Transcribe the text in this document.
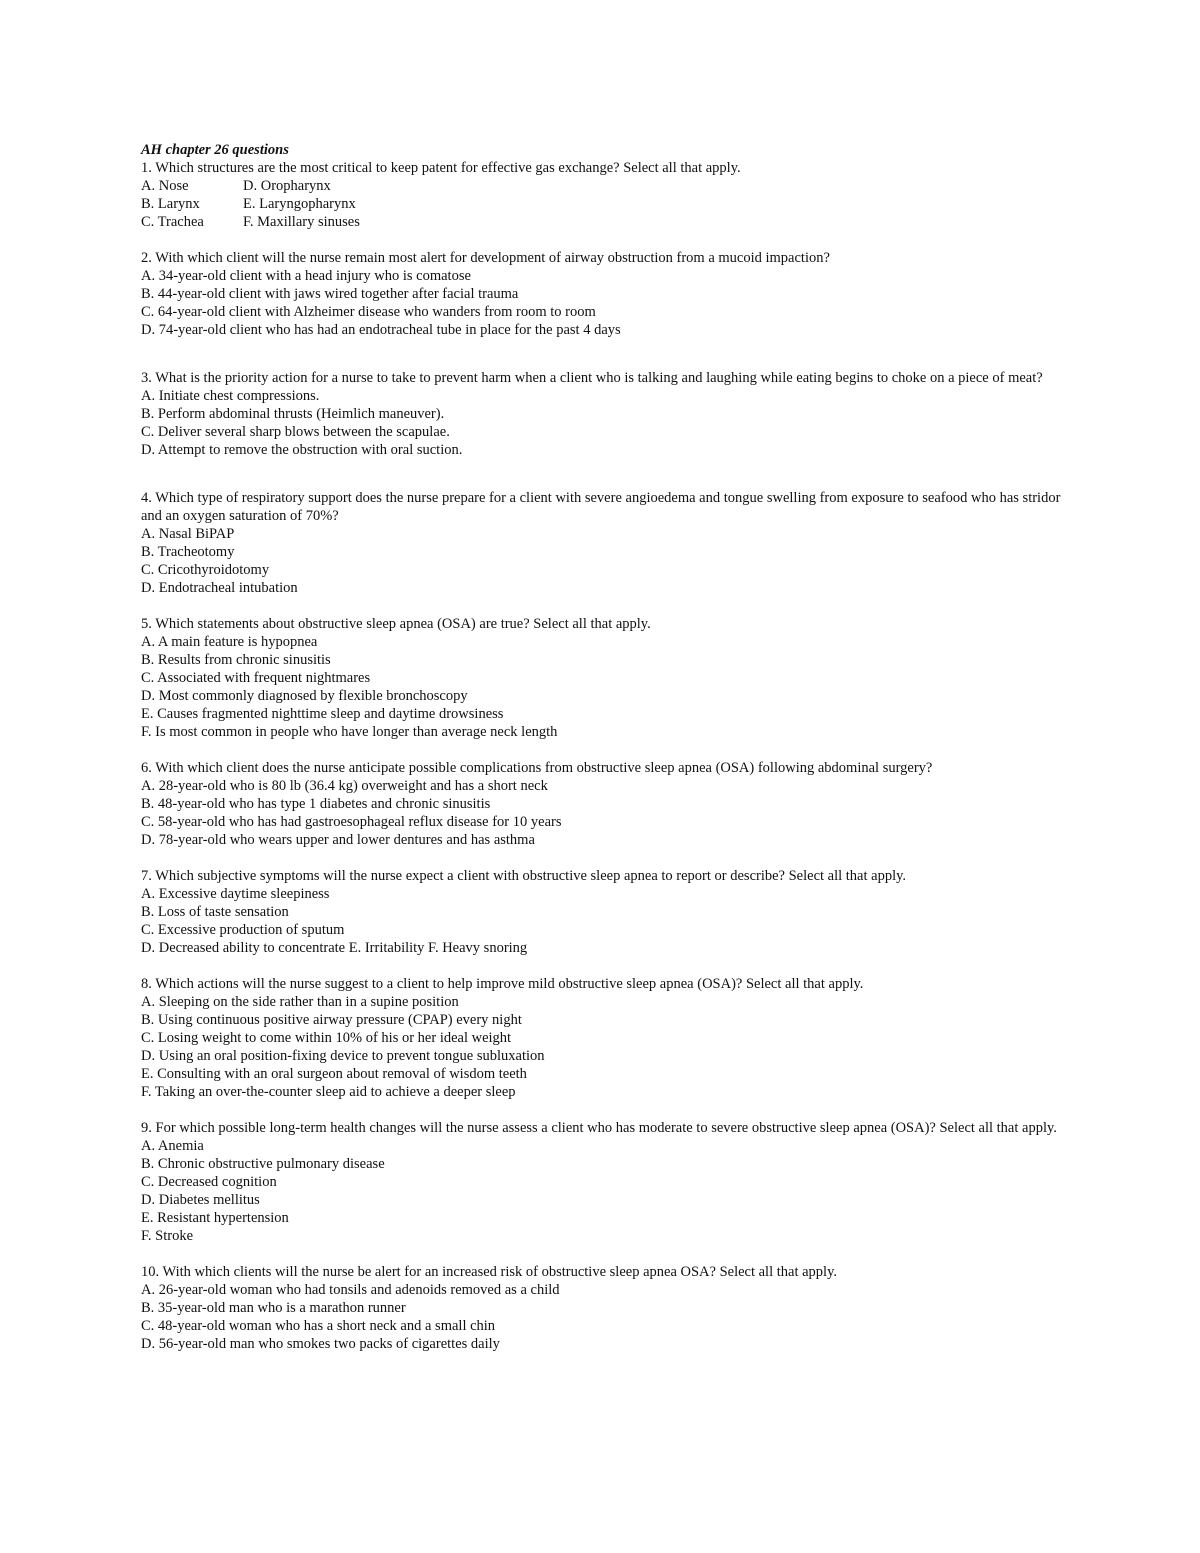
AH chapter 26 questions

1. Which structures are the most critical to keep patent for effective gas exchange? Select all that apply.

A. Nose	D. Oropharynx
B. Larynx	E. Laryngopharynx
C. Trachea	F. Maxillary sinuses

2. With which client will the nurse remain most alert for development of airway obstruction from a mucoid impaction?

A. 34-year-old client with a head injury who is comatose

B. 44-year-old client with jaws wired together after facial trauma

C. 64-year-old client with Alzheimer disease who wanders from room to room

D. 74-year-old client who has had an endotracheal tube in place for the past 4 days

3. What is the priority action for a nurse to take to prevent harm when a client who is talking and laughing while eating begins to choke on a piece of meat?

A. Initiate chest compressions.

B. Perform abdominal thrusts (Heimlich maneuver).

C. Deliver several sharp blows between the scapulae.

D. Attempt to remove the obstruction with oral suction.

4. Which type of respiratory support does the nurse prepare for a client with severe angioedema and tongue swelling from exposure to seafood who has stridor and an oxygen saturation of 70%?

A. Nasal BiPAP

B. Tracheotomy

C. Cricothyroidotomy

D. Endotracheal intubation

5. Which statements about obstructive sleep apnea (OSA) are true? Select all that apply.

A. A main feature is hypopnea

B. Results from chronic sinusitis

C. Associated with frequent nightmares

D. Most commonly diagnosed by flexible bronchoscopy

E. Causes fragmented nighttime sleep and daytime drowsiness

F. Is most common in people who have longer than average neck length

6. With which client does the nurse anticipate possible complications from obstructive sleep apnea (OSA) following abdominal surgery?

A. 28-year-old who is 80 lb (36.4 kg) overweight and has a short neck

B. 48-year-old who has type 1 diabetes and chronic sinusitis

C. 58-year-old who has had gastroesophageal reflux disease for 10 years

D. 78-year-old who wears upper and lower dentures and has asthma

7. Which subjective symptoms will the nurse expect a client with obstructive sleep apnea to report or describe? Select all that apply.

A. Excessive daytime sleepiness

B. Loss of taste sensation

C. Excessive production of sputum

D. Decreased ability to concentrate E. Irritability F. Heavy snoring

8. Which actions will the nurse suggest to a client to help improve mild obstructive sleep apnea (OSA)? Select all that apply.

A. Sleeping on the side rather than in a supine position

B. Using continuous positive airway pressure (CPAP) every night

C. Losing weight to come within 10% of his or her ideal weight

D. Using an oral position-fixing device to prevent tongue subluxation

E. Consulting with an oral surgeon about removal of wisdom teeth

F. Taking an over-the-counter sleep aid to achieve a deeper sleep

9. For which possible long-term health changes will the nurse assess a client who has moderate to severe obstructive sleep apnea (OSA)? Select all that apply.

A. Anemia

B. Chronic obstructive pulmonary disease

C. Decreased cognition

D. Diabetes mellitus

E. Resistant hypertension

F. Stroke

10. With which clients will the nurse be alert for an increased risk of obstructive sleep apnea OSA? Select all that apply.

A. 26-year-old woman who had tonsils and adenoids removed as a child

B. 35-year-old man who is a marathon runner

C. 48-year-old woman who has a short neck and a small chin

D. 56-year-old man who smokes two packs of cigarettes daily
